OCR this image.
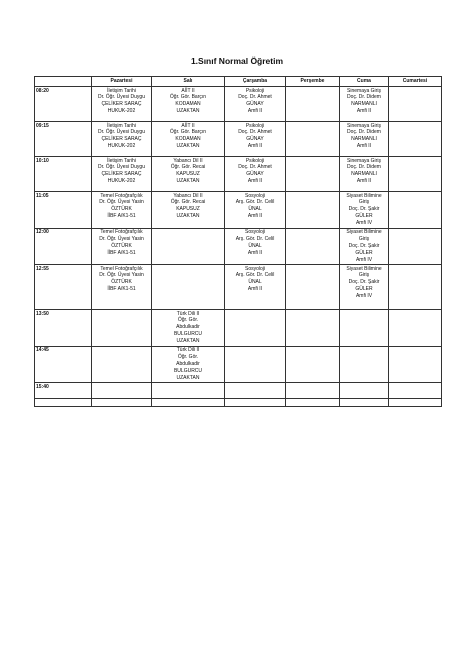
1.Sınıf Normal Öğretim
	Pazartesi	Salı	Çarşamba	Perşembe	Cuma	Cumartesi
08:20	İletişim Tarihi
Dr. Öğr. Üyesi Duygu
ÇELİKER SARAÇ
HUKUK-202	AİİT II
Öğr. Gör. Barçın
KODAMAN
UZAKTAN	Psikoloji
Doç. Dr. Ahmet
GÜNAY
Amfi II		Sinemaya Giriş
Doç. Dr. Didem
NARMANLI
Amfi II	

09:15	İletişim Tarihi
Dr. Öğr. Üyesi Duygu
ÇELİKER SARAÇ
HUKUK-202	AİİT II
Öğr. Gör. Barçın
KODAMAN
UZAKTAN	Psikoloji
Doç. Dr. Ahmet
GÜNAY
Amfi II		Sinemaya Giriş
Doç. Dr. Didem
NARMANLI
Amfi II	

10:10	İletişim Tarihi
Dr. Öğr. Üyesi Duygu
ÇELİKER SARAÇ
HUKUK-202	Yabancı Dil II
Öğr. Gör. Recai
KAPUSUZ
UZAKTAN	Psikoloji
Doç. Dr. Ahmet
GÜNAY
Amfi II		Sinemaya Giriş
Doç. Dr. Didem
NARMANLI
Amfi II	

11:05	Temel Fotoğrafçılık
Dr. Öğr. Üyesi Yasin
ÖZTÜRK
İİBF A/K1-51	Yabancı Dil II
Öğr. Gör. Recai
KAPUSUZ
UZAKTAN	Sosyoloji
Arş. Gör. Dr. Celil
ÜNAL
Amfi II		Siyaset Bilimine
Giriş
Doç. Dr. Şakir
GÜLER
Amfi IV	

12:00	Temel Fotoğrafçılık
Dr. Öğr. Üyesi Yasin
ÖZTÜRK
İİBF A/K1-51		Sosyoloji
Arş. Gör. Dr. Celil
ÜNAL
Amfi II		Siyaset Bilimine
Giriş
Doç. Dr. Şakir
GÜLER
Amfi IV	

12:55	Temel Fotoğrafçılık
Dr. Öğr. Üyesi Yasin
ÖZTÜRK
İİBF A/K1-51		Sosyoloji
Arş. Gör. Dr. Celil
ÜNAL
Amfi II		Siyaset Bilimine
Giriş
Doç. Dr. Şakir
GÜLER
Amfi IV	

13:50		Türk Dili II
Öğr. Gör.
Abdulkadir
BULGURCU
UZAKTAN				

14:45		Türk Dili II
Öğr. Gör.
Abdulkadir
BULGURCU
UZAKTAN				

15:40						
